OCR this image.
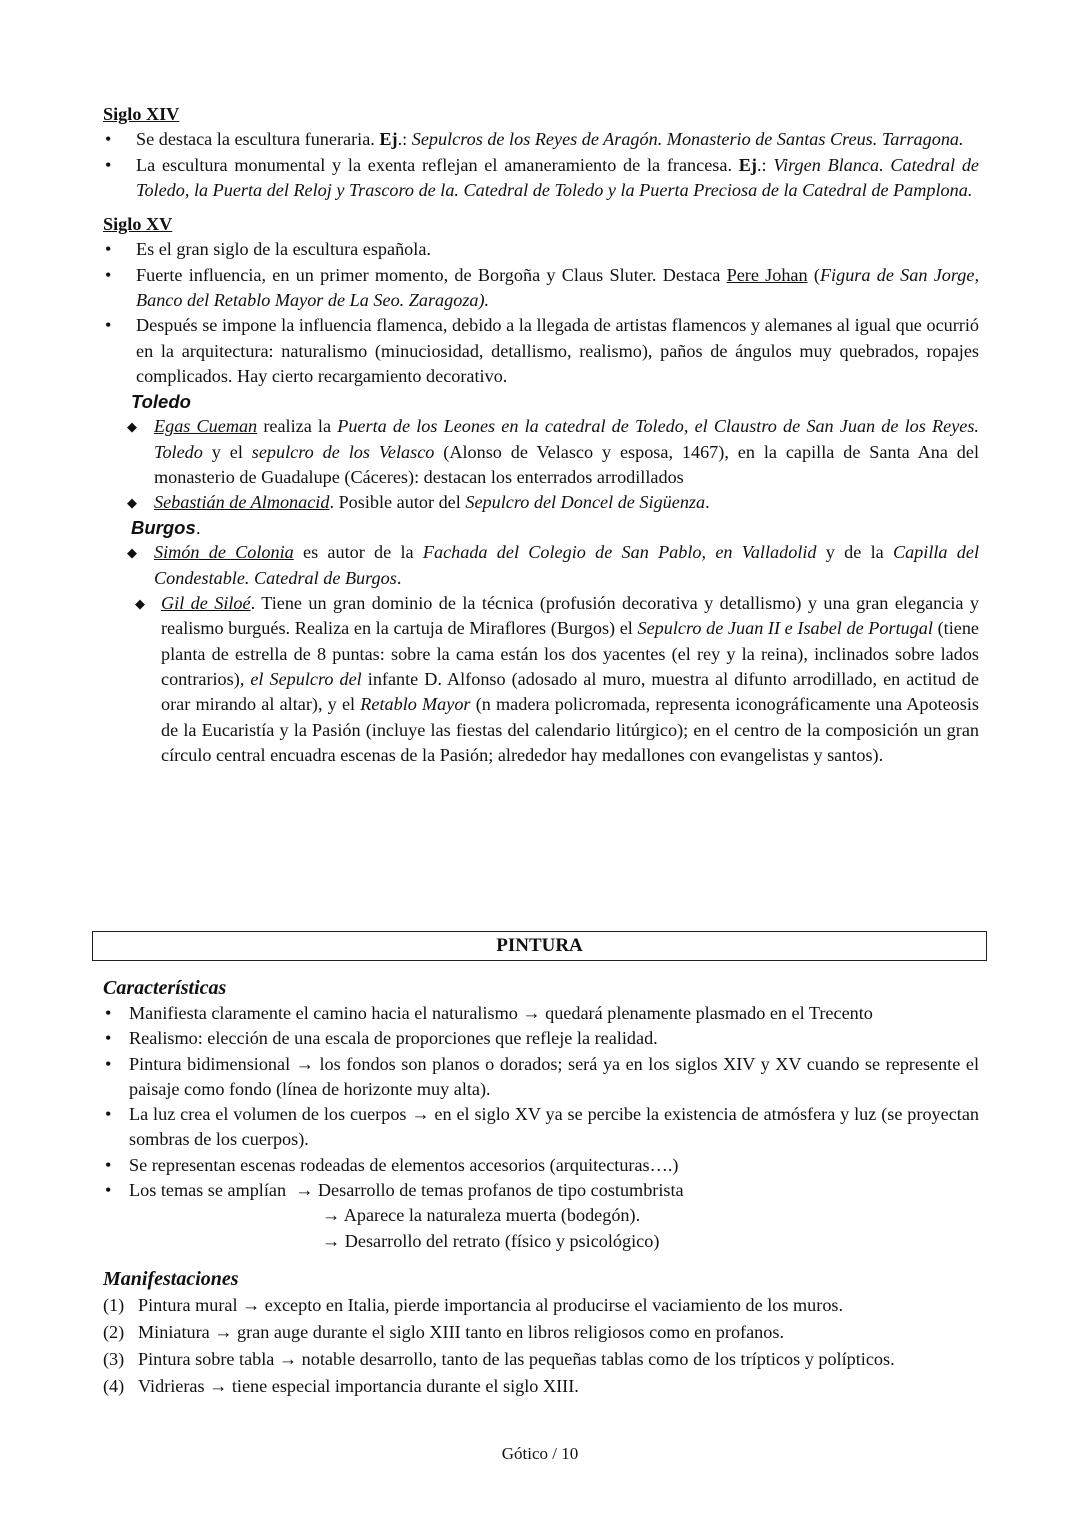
Siglo XIV

• Se destaca la escultura funeraria. Ej.: Sepulcros de los Reyes de Aragón. Monasterio de Santas Creus. Tarragona.
• La escultura monumental y la exenta reflejan el amaneramiento de la francesa. Ej.: Virgen Blanca. Catedral de Toledo, la Puerta del Reloj y Trascoro de la. Catedral de Toledo y la Puerta Preciosa de la Catedral de Pamplona.

Siglo XV

• Es el gran siglo de la escultura española.
• Fuerte influencia, en un primer momento, de Borgoña y Claus Sluter. Destaca Pere Johan (Figura de San Jorge, Banco del Retablo Mayor de La Seo. Zaragoza).
• Después se impone la influencia flamenca, debido a la llegada de artistas flamencos y alemanes al igual que ocurrió en la arquitectura: naturalismo (minuciosidad, detallismo, realismo), paños de ángulos muy quebrados, ropajes complicados. Hay cierto recargamiento decorativo.
Toledo
◆ Egas Cueman realiza la Puerta de los Leones en la catedral de Toledo, el Claustro de San Juan de los Reyes. Toledo y el sepulcro de los Velasco (Alonso de Velasco y esposa, 1467), en la capilla de Santa Ana del monasterio de Guadalupe (Cáceres): destacan los enterrados arrodillados
◆ Sebastián de Almonacid. Posible autor del Sepulcro del Doncel de Sigüenza.
Burgos.
◆ Simón de Colonia es autor de la Fachada del Colegio de San Pablo, en Valladolid y de la Capilla del Condestable. Catedral de Burgos.
◆ Gil de Siloé. Tiene un gran dominio de la técnica (profusión decorativa y detallismo) y una gran elegancia y realismo burgués. Realiza en la cartuja de Miraflores (Burgos) el Sepulcro de Juan II e Isabel de Portugal (tiene planta de estrella de 8 puntas: sobre la cama están los dos yacentes (el rey y la reina), inclinados sobre lados contrarios), el Sepulcro del infante D. Alfonso (adosado al muro, muestra al difunto arrodillado, en actitud de orar mirando al altar), y el Retablo Mayor (n madera policromada, representa iconográficamente una Apoteosis de la Eucaristía y la Pasión (incluye las fiestas del calendario litúrgico); en el centro de la composición un gran círculo central encuadra escenas de la Pasión; alrededor hay medallones con evangelistas y santos).
PINTURA
Características
• Manifiesta claramente el camino hacia el naturalismo → quedará plenamente plasmado en el Trecento
• Realismo: elección de una escala de proporciones que refleje la realidad.
• Pintura bidimensional → los fondos son planos o dorados; será ya en los siglos XIV y XV cuando se represente el paisaje como fondo (línea de horizonte muy alta).
• La luz crea el volumen de los cuerpos → en el siglo XV ya se percibe la existencia de atmósfera y luz (se proyectan sombras de los cuerpos).
• Se representan escenas rodeadas de elementos accesorios (arquitecturas….)
• Los temas se amplían  → Desarrollo de temas profanos de tipo costumbrista
→ Aparece la naturaleza muerta (bodegón).
→ Desarrollo del retrato (físico y psicológico)
Manifestaciones
(1) Pintura mural → excepto en Italia, pierde importancia al producirse el vaciamiento de los muros.
(2) Miniatura → gran auge durante el siglo XIII tanto en libros religiosos como en profanos.
(3) Pintura sobre tabla → notable desarrollo, tanto de las pequeñas tablas como de los trípticos y polípticos.
(4) Vidrieras → tiene especial importancia durante el siglo XIII.
Gótico / 10
